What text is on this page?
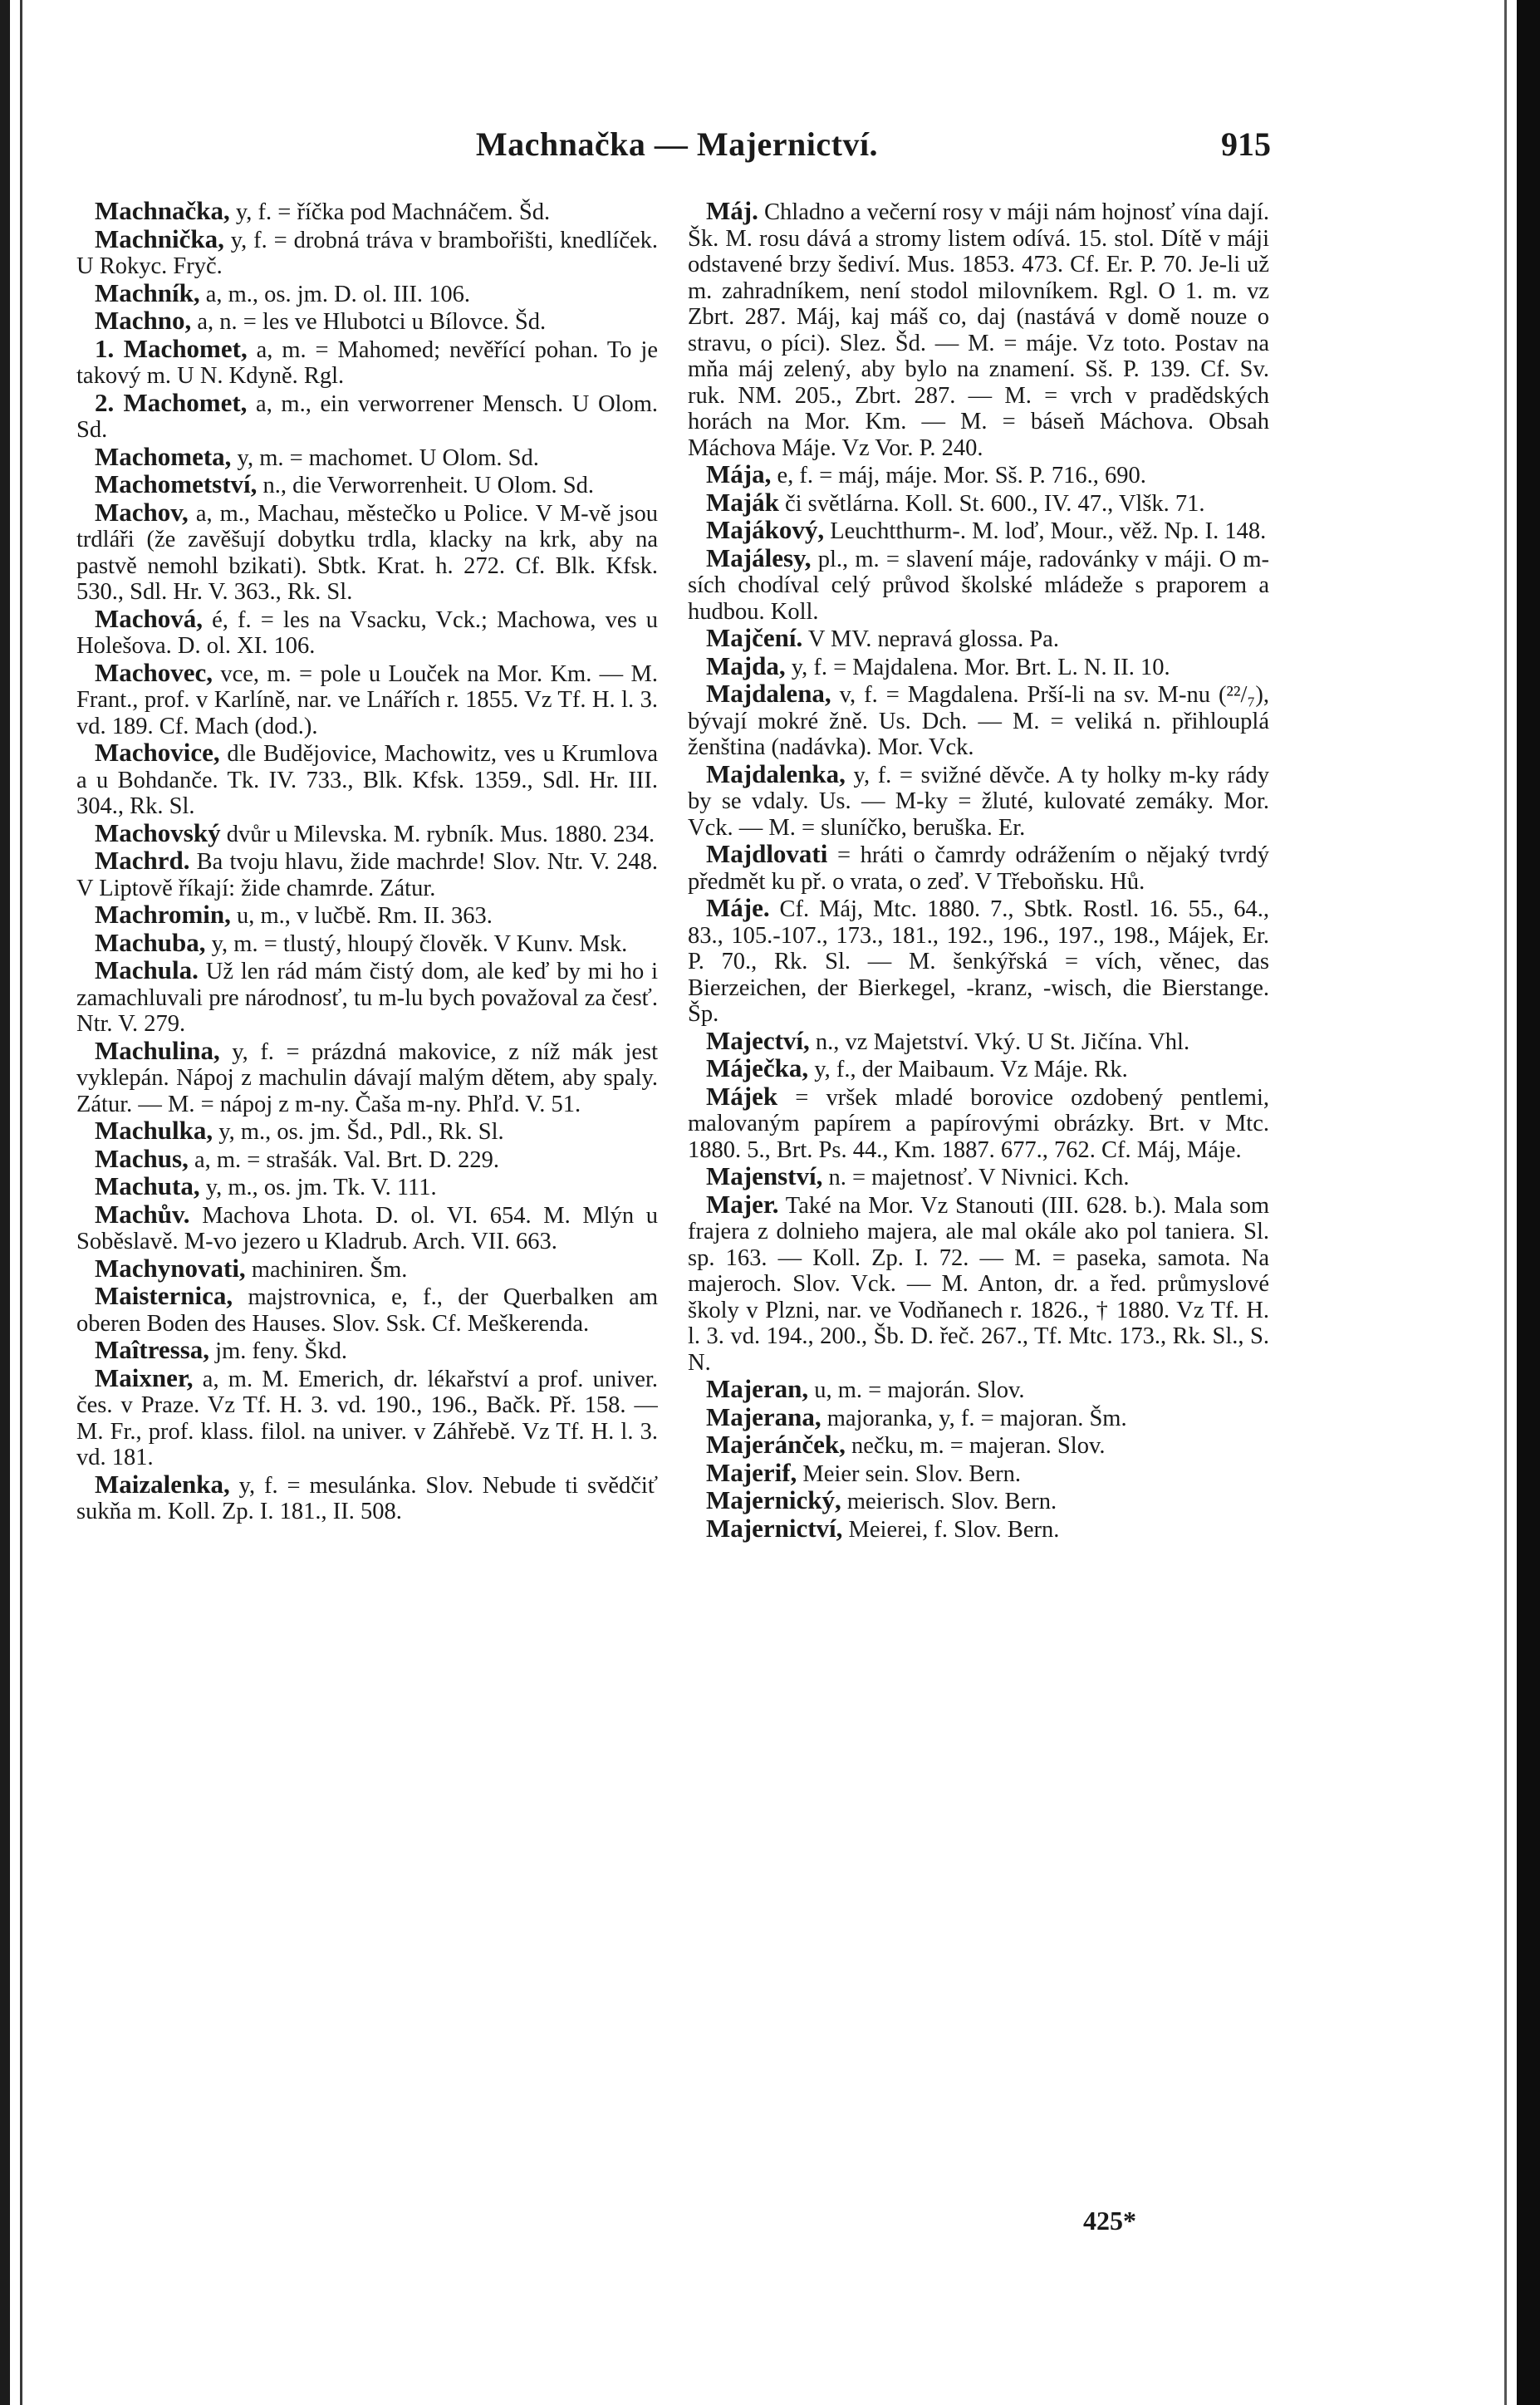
Machnačka — Majernictví.	915

Machnačka, y, f. = říčka pod Machnáčem. Šd.

Machnička, y, f. = drobná tráva v brambořišti, knedlíček. U Rokyc. Fryč.

Machník, a, m., os. jm. D. ol. III. 106.

Machno, a, n. = les ve Hlubotci u Bílovce. Šd.

1. Machomet, a, m. = Mahomed; nevěřící pohan. To je takový m. U N. Kdyně. Rgl.

2. Machomet, a, m., ein verworrener Mensch. U Olom. Sd.

Machometa, y, m. = machomet. U Olom. Sd.

Machometství, n., die Verworrenheit. U Olom. Sd.

Machov, a, m., Machau, městečko u Police. V M-vě jsou trdláři (že zavěšují dobytku trdla, klacky na krk, aby na pastvě nemohl bzikati). Sbtk. Krat. h. 272. Cf. Blk. Kfsk. 530., Sdl. Hr. V. 363., Rk. Sl.

Machová, é, f. = les na Vsacku, Vck.; Machowa, ves u Holešova. D. ol. XI. 106.

Machovec, vce, m. = pole u Louček na Mor. Km. — M. Frant., prof. v Karlíně, nar. ve Lnářích r. 1855. Vz Tf. H. l. 3. vd. 189. Cf. Mach (dod.).

Machovice, dle Budějovice, Machowitz, ves u Krumlova a u Bohdanče. Tk. IV. 733., Blk. Kfsk. 1359., Sdl. Hr. III. 304., Rk. Sl.

Machovský dvůr u Milevska. M. rybník. Mus. 1880. 234.

Machrd. Ba tvoju hlavu, žide machrde! Slov. Ntr. V. 248. V Liptově říkají: žide chamrde. Zátur.

Machromin, u, m., v lučbě. Rm. II. 363.

Machuba, y, m. = tlustý, hloupý člověk. V Kunv. Msk.

Machula. Už len rád mám čistý dom, ale keď by mi ho i zamachluvali pre národnosť, tu m-lu bych považoval za česť. Ntr. V. 279.

Machulina, y, f. = prázdná makovice, z níž mák jest vyklepán. Nápoj z machulin dávají malým dětem, aby spaly. Zátur. — M. = nápoj z m-ny. Čaša m-ny. Phľd. V. 51.

Machulka, y, m., os. jm. Šd., Pdl., Rk. Sl.

Machus, a, m. = strašák. Val. Brt. D. 229.

Machuta, y, m., os. jm. Tk. V. 111.

Machův. Machova Lhota. D. ol. VI. 654. M. Mlýn u Soběslavě. M-vo jezero u Kladrub. Arch. VII. 663.

Machynovati, machiniren. Šm.

Maisternica, majstrovnica, e, f., der Querbalken am oberen Boden des Hauses. Slov. Ssk. Cf. Meškerenda.

Maîtressa, jm. feny. Škd.

Maixner, a, m. M. Emerich, dr. lékařství a prof. univer. čes. v Praze. Vz Tf. H. 3. vd. 190., 196., Bačk. Př. 158. — M. Fr., prof. klass. filol. na univer. v Záhřebě. Vz Tf. H. l. 3. vd. 181.

Maizalenka, y, f. = mesulánka. Slov. Nebude ti svědčiť sukňa m. Koll. Zp. I. 181., II. 508.

Máj. Chladno a večerní rosy v máji nám hojnosť vína dají. Šk. M. rosu dává a stromy listem odívá. 15. stol. Dítě v máji odstavené brzy šediví. Mus. 1853. 473. Cf. Er. P. 70. Je-li už m. zahradníkem, není stodol milovníkem. Rgl. O 1. m. vz Zbrt. 287. Máj, kaj máš co, daj (nastává v domě nouze o stravu, o píci). Slez. Šd. — M. = máje. Vz toto. Postav na mňa máj zelený, aby bylo na znamení. Sš. P. 139. Cf. Sv. ruk. NM. 205., Zbrt. 287. — M. = vrch v pradědských horách na Mor. Km. — M. = báseň Máchova. Obsah Máchova Máje. Vz Vor. P. 240.

Mája, e, f. = máj, máje. Mor. Sš. P. 716., 690.

Maják či světlárna. Koll. St. 600., IV. 47., Vlšk. 71.

Majákový, Leuchtthurm-. M. loď, Mour., věž. Np. I. 148.

Majálesy, pl., m. = slavení máje, radovánky v máji. O m-sích chodíval celý průvod školské mládeže s praporem a hudbou. Koll.

Majčení. V MV. nepravá glossa. Pa.

Majda, y, f. = Majdalena. Mor. Brt. L. N. II. 10.

Majdalena, v, f. = Magdalena. Prší-li na sv. M-nu (²²/₇), bývají mokré žně. Us. Dch. — M. = veliká n. přihlouplá ženština (nadávka). Mor. Vck.

Majdalenka, y, f. = svižné děvče. A ty holky m-ky rády by se vdaly. Us. — M-ky = žluté, kulovaté zemáky. Mor. Vck. — M. = sluníčko, beruška. Er.

Majdlovati = hráti o čamrdy odrážením o nějaký tvrdý předmět ku př. o vrata, o zeď. V Třeboňsku. Hů.

Máje. Cf. Máj, Mtc. 1880. 7., Sbtk. Rostl. 16. 55., 64., 83., 105.-107., 173., 181., 192., 196., 197., 198., Májek, Er. P. 70., Rk. Sl. — M. šenkýřská = vích, věnec, das Bierzeichen, der Bierkegel, -kranz, -wisch, die Bierstange. Šp.

Majectví, n., vz Majetství. Vký. U St. Jičína. Vhl.

Máječka, y, f., der Maibaum. Vz Máje. Rk.

Májek = vršek mladé borovice ozdobený pentlemi, malovaným papírem a papírovými obrázky. Brt. v Mtc. 1880. 5., Brt. Ps. 44., Km. 1887. 677., 762. Cf. Máj, Máje.

Majenství, n. = majetnosť. V Nivnici. Kch.

Majer. Také na Mor. Vz Stanouti (III. 628. b.). Mala som frajera z dolnieho majera, ale mal okále ako pol taniera. Sl. sp. 163. — Koll. Zp. I. 72. — M. = paseka, samota. Na majeroch. Slov. Vck. — M. Anton, dr. a řed. průmyslové školy v Plzni, nar. ve Vodňanech r. 1826., † 1880. Vz Tf. H. l. 3. vd. 194., 200., Šb. D. řeč. 267., Tf. Mtc. 173., Rk. Sl., S. N.

Majeran, u, m. = majorán. Slov.

Majerana, majoranka, y, f. = majoran. Šm.

Majeránček, nečku, m. = majeran. Slov.

Majerif, Meier sein. Slov. Bern.

Majernický, meierisch. Slov. Bern.

Majernictví, Meierei, f. Slov. Bern.

425*
